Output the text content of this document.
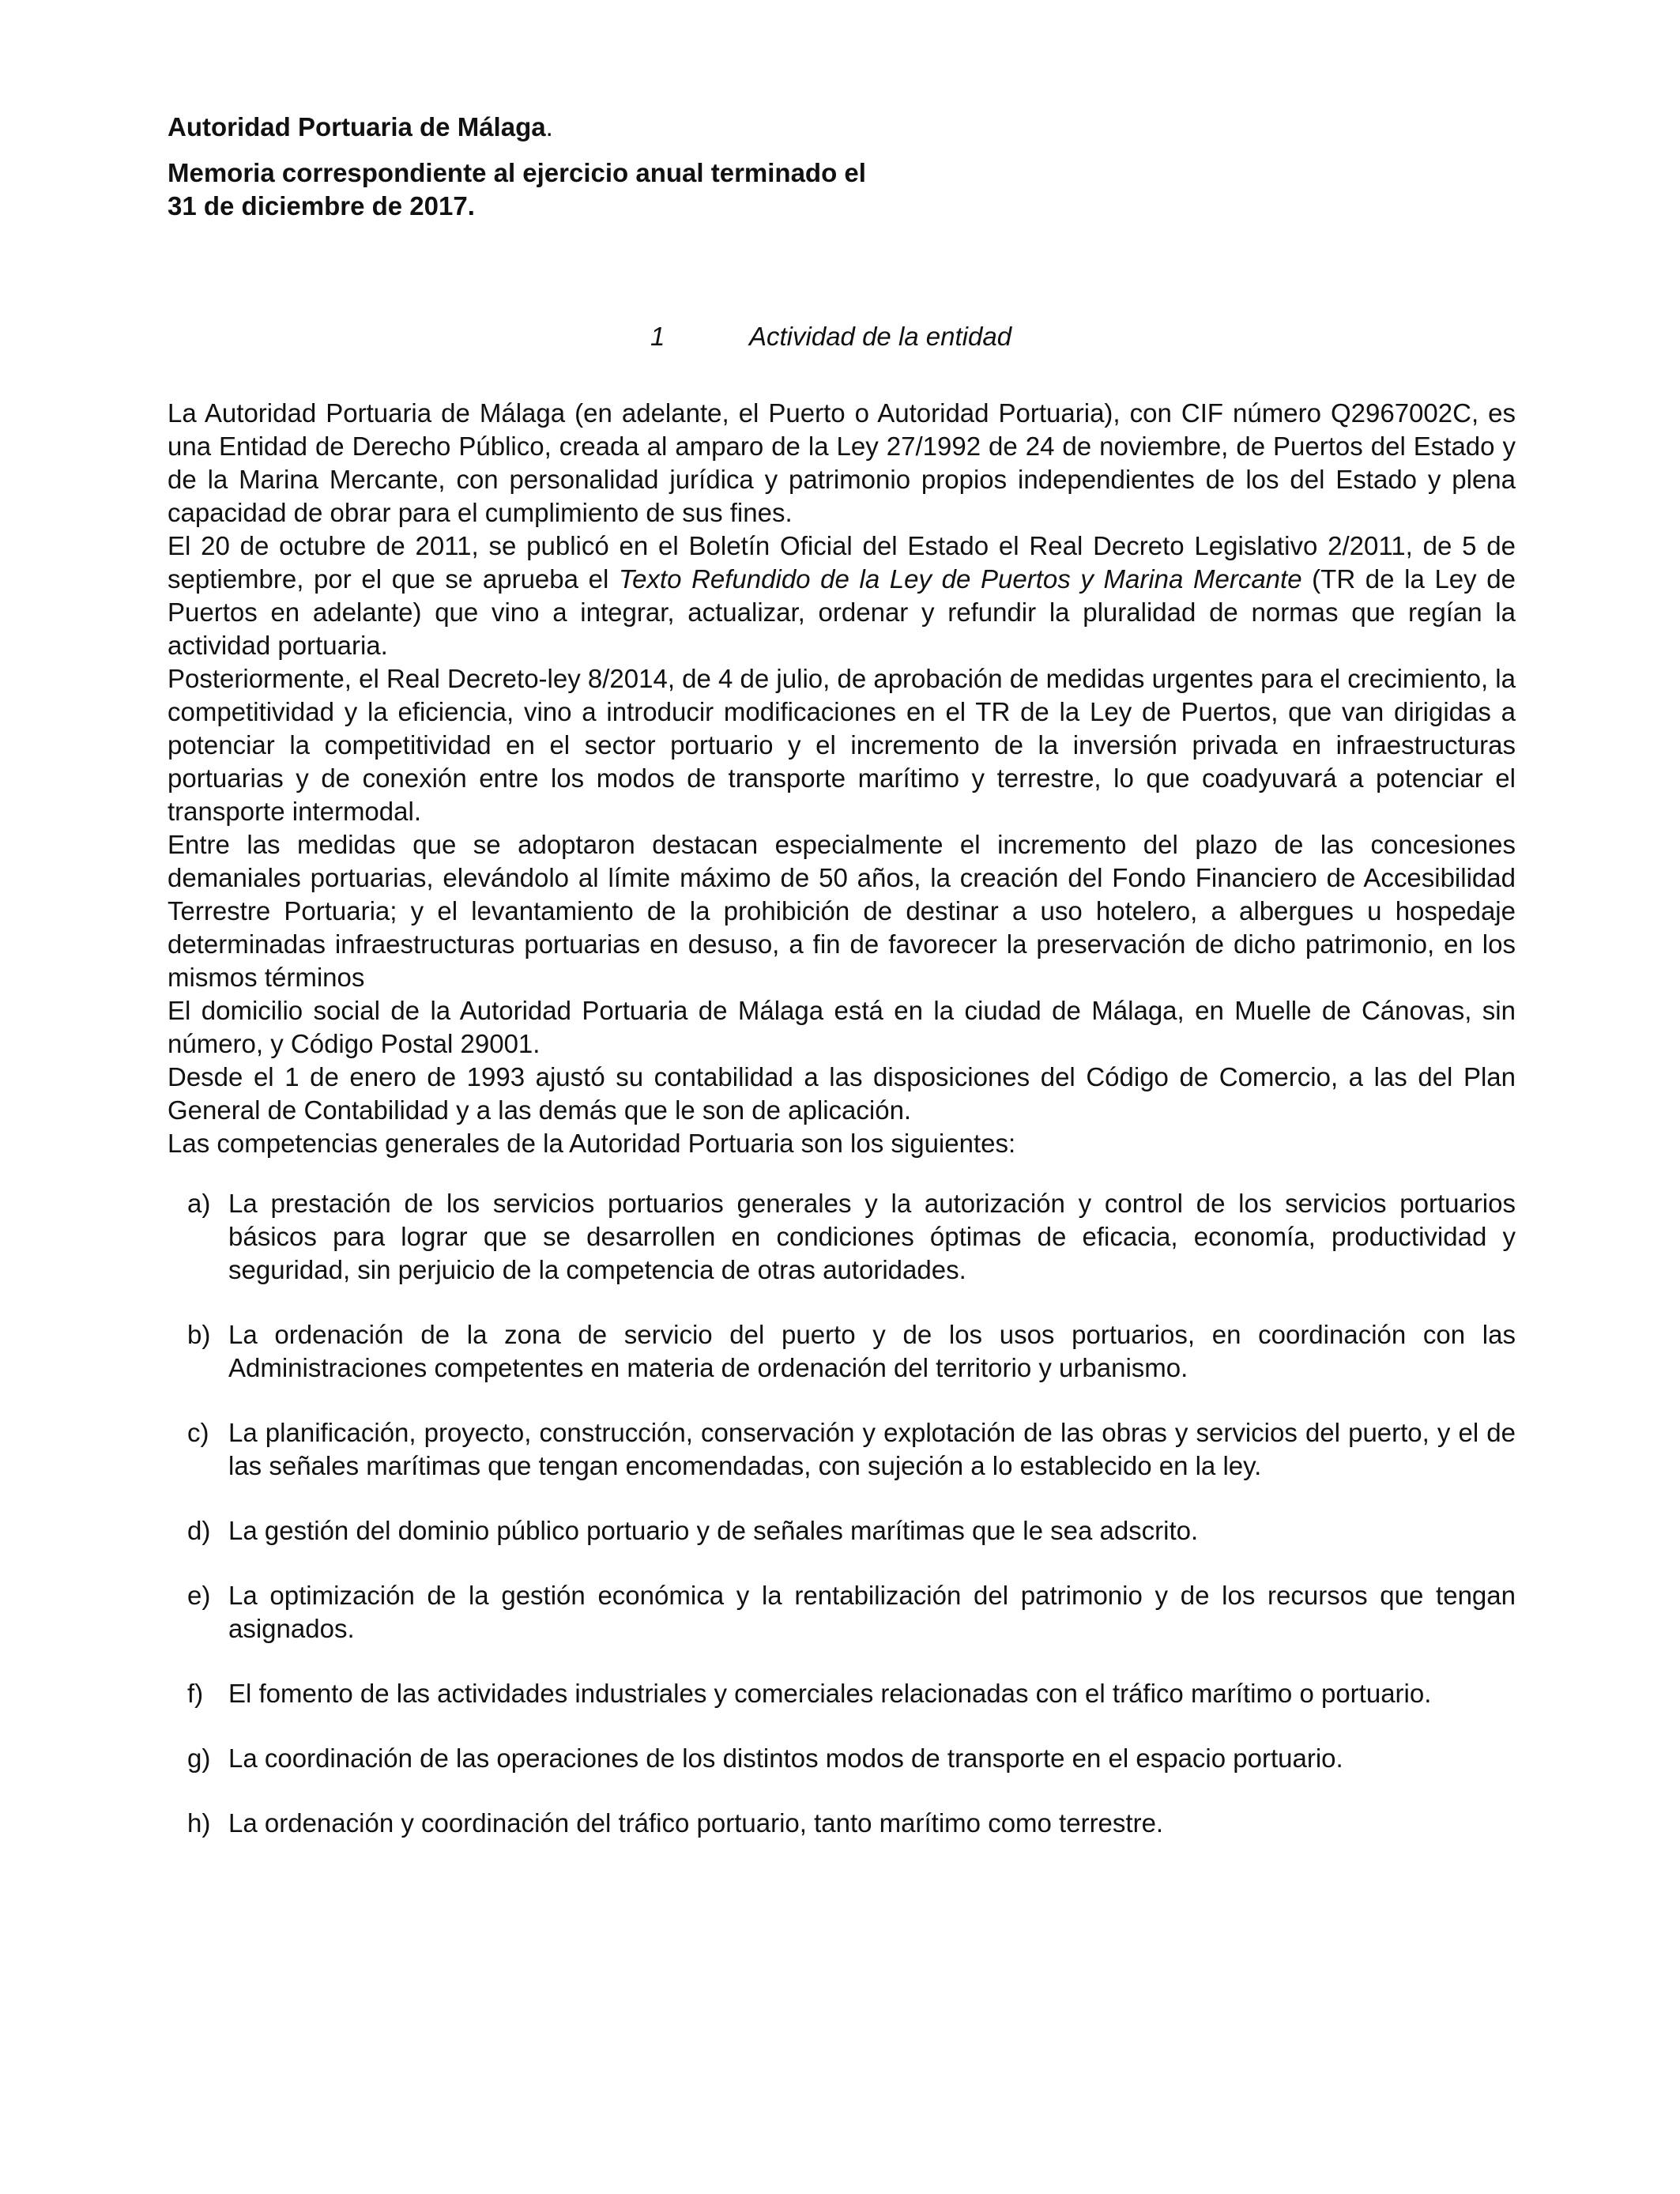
Autoridad Portuaria de Málaga.

Memoria correspondiente al ejercicio anual terminado el
31 de diciembre de 2017.

1	Actividad de la entidad

La Autoridad Portuaria de Málaga (en adelante, el Puerto o Autoridad Portuaria), con CIF número Q2967002C, es una Entidad de Derecho Público, creada al amparo de la Ley 27/1992 de 24 de noviembre, de Puertos del Estado y de la Marina Mercante, con personalidad jurídica y patrimonio propios independientes de los del Estado y plena capacidad de obrar para el cumplimiento de sus fines.

El 20 de octubre de 2011, se publicó en el Boletín Oficial del Estado el Real Decreto Legislativo 2/2011, de 5 de septiembre, por el que se aprueba el Texto Refundido de la Ley de Puertos y Marina Mercante (TR de la Ley de Puertos en adelante) que vino a integrar, actualizar, ordenar y refundir la pluralidad de normas que regían la actividad portuaria.

Posteriormente, el Real Decreto-ley 8/2014, de 4 de julio, de aprobación de medidas urgentes para el crecimiento, la competitividad y la eficiencia, vino a introducir modificaciones en el TR de la Ley de Puertos, que van dirigidas a potenciar la competitividad en el sector portuario y el incremento de la inversión privada en infraestructuras portuarias y de conexión entre los modos de transporte marítimo y terrestre, lo que coadyuvará a potenciar el transporte intermodal.

Entre las medidas que se adoptaron destacan especialmente el incremento del plazo de las concesiones demaniales portuarias, elevándolo al límite máximo de 50 años, la creación del Fondo Financiero de Accesibilidad Terrestre Portuaria; y el levantamiento de la prohibición de destinar a uso hotelero, a albergues u hospedaje determinadas infraestructuras portuarias en desuso, a fin de favorecer la preservación de dicho patrimonio, en los mismos términos

El domicilio social de la Autoridad Portuaria de Málaga está en la ciudad de Málaga, en Muelle de Cánovas, sin número, y Código Postal 29001.

Desde el 1 de enero de 1993 ajustó su contabilidad a las disposiciones del Código de Comercio, a las del Plan General de Contabilidad y a las demás que le son de aplicación.

Las competencias generales de la Autoridad Portuaria son los siguientes:

a) La prestación de los servicios portuarios generales y la autorización y control de los servicios portuarios básicos para lograr que se desarrollen en condiciones óptimas de eficacia, economía, productividad y seguridad, sin perjuicio de la competencia de otras autoridades.
b) La ordenación de la zona de servicio del puerto y de los usos portuarios, en coordinación con las Administraciones competentes en materia de ordenación del territorio y urbanismo.
c) La planificación, proyecto, construcción, conservación y explotación de las obras y servicios del puerto, y el de las señales marítimas que tengan encomendadas, con sujeción a lo establecido en la ley.
d) La gestión del dominio público portuario y de señales marítimas que le sea adscrito.
e) La optimización de la gestión económica y la rentabilización del patrimonio y de los recursos que tengan asignados.
f) El fomento de las actividades industriales y comerciales relacionadas con el tráfico marítimo o portuario.
g) La coordinación de las operaciones de los distintos modos de transporte en el espacio portuario.
h) La ordenación y coordinación del tráfico portuario, tanto marítimo como terrestre.
